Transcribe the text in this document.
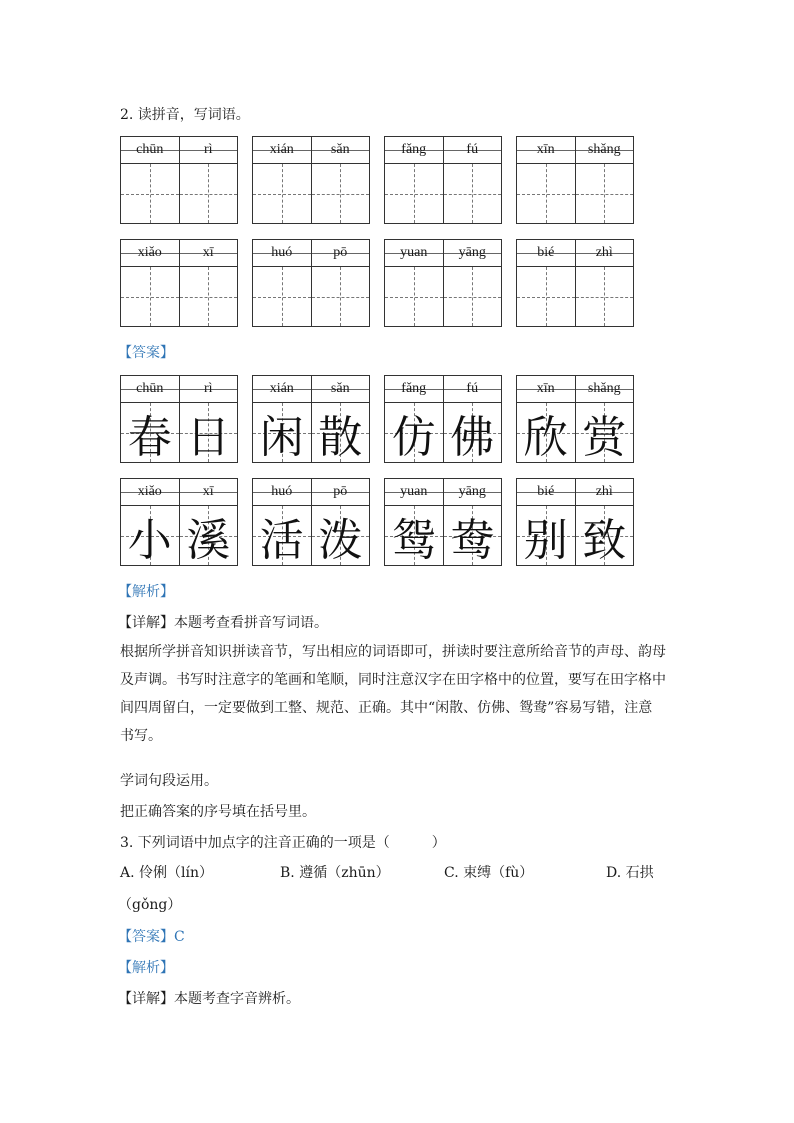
2. 读拼音，写词语。
chūn	rì	xián	sǎn	fǎng	fú	xīn	shǎng
xiǎo	xī	huó	pō	yuan	yāng	bié	zhì
【答案】
chūn	rì
春 日
xián	sǎn
闲 散
fǎng	fú
仿 佛
xīn	shǎng
欣 赏
xiǎo	xī
小 溪
huó	pō
活 泼
yuan	yāng
鸳 鸯
bié	zhì
别 致
【解析】
【详解】本题考查看拼音写词语。
根据所学拼音知识拼读音节，写出相应的词语即可，拼读时要注意所给音节的声母、韵母
及声调。书写时注意字的笔画和笔顺，同时注意汉字在田字格中的位置，要写在田字格中
间四周留白，一定要做到工整、规范、正确。其中“闲散、仿佛、鸳鸯”容易写错，注意
书写。
学词句段运用。
把正确答案的序号填在括号里。
3. 下列词语中加点字的注音正确的一项是（　　　）
A. 伶俐（lín）	B. 遵循（zhūn）	C. 束缚（fù）	D. 石拱
（gǒng）
【答案】C
【解析】
【详解】本题考查字音辨析。
